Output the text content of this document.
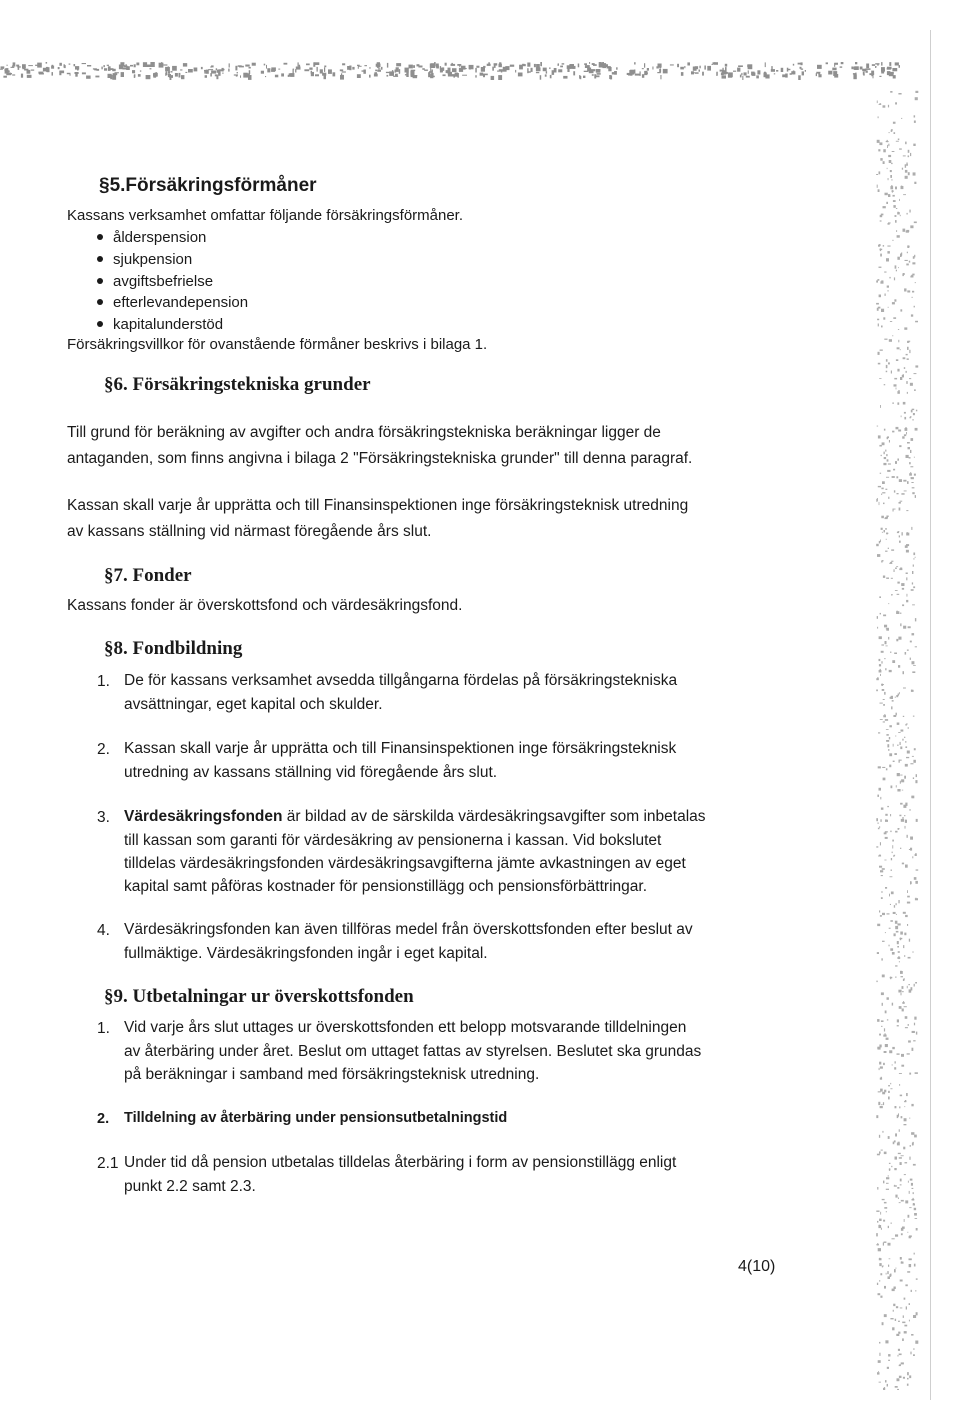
§5.Försäkringsförmåner
Kassans verksamhet omfattar följande försäkringsförmåner.
ålderspension
sjukpension
avgiftsbefrielse
efterlevandepension
kapitalunderstöd
Försäkringsvillkor för ovanstående förmåner beskrivs i bilaga 1.
§6. Försäkringstekniska grunder
Till grund för beräkning av avgifter och andra försäkringstekniska beräkningar ligger de
antaganden, som finns angivna i bilaga 2 "Försäkringstekniska grunder" till denna paragraf.
Kassan skall varje år upprätta och till Finansinspektionen inge försäkringsteknisk utredning
av kassans ställning vid närmast föregående års slut.
§7. Fonder
Kassans fonder är överskottsfond och värdesäkringsfond.
§8. Fondbildning
1. De för kassans verksamhet avsedda tillgångarna fördelas på försäkringstekniska
avsättningar, eget kapital och skulder.
2. Kassan skall varje år upprätta och till Finansinspektionen inge försäkringsteknisk
utredning av kassans ställning vid föregående års slut.
3. Värdesäkringsfonden är bildad av de särskilda värdesäkringsavgifter som inbetalas
till kassan som garanti för värdesäkring av pensionerna i kassan. Vid bokslutet
tilldelas värdesäkringsfonden värdesäkringsavgifterna jämte avkastningen av eget
kapital samt påföras kostnader för pensionstillägg och pensionsförbättringar.
4. Värdesäkringsfonden kan även tillföras medel från överskottsfonden efter beslut av
fullmäktige. Värdesäkringsfonden ingår i eget kapital.
§9. Utbetalningar ur överskottsfonden
1. Vid varje års slut uttages ur överskottsfonden ett belopp motsvarande tilldelningen
av återbäring under året. Beslut om uttaget fattas av styrelsen. Beslutet ska grundas
på beräkningar i samband med försäkringsteknisk utredning.
2. Tilldelning av återbäring under pensionsutbetalningstid
2.1 Under tid då pension utbetalas tilldelas återbäring i form av pensionstillägg enligt
punkt 2.2 samt 2.3.
4(10)
